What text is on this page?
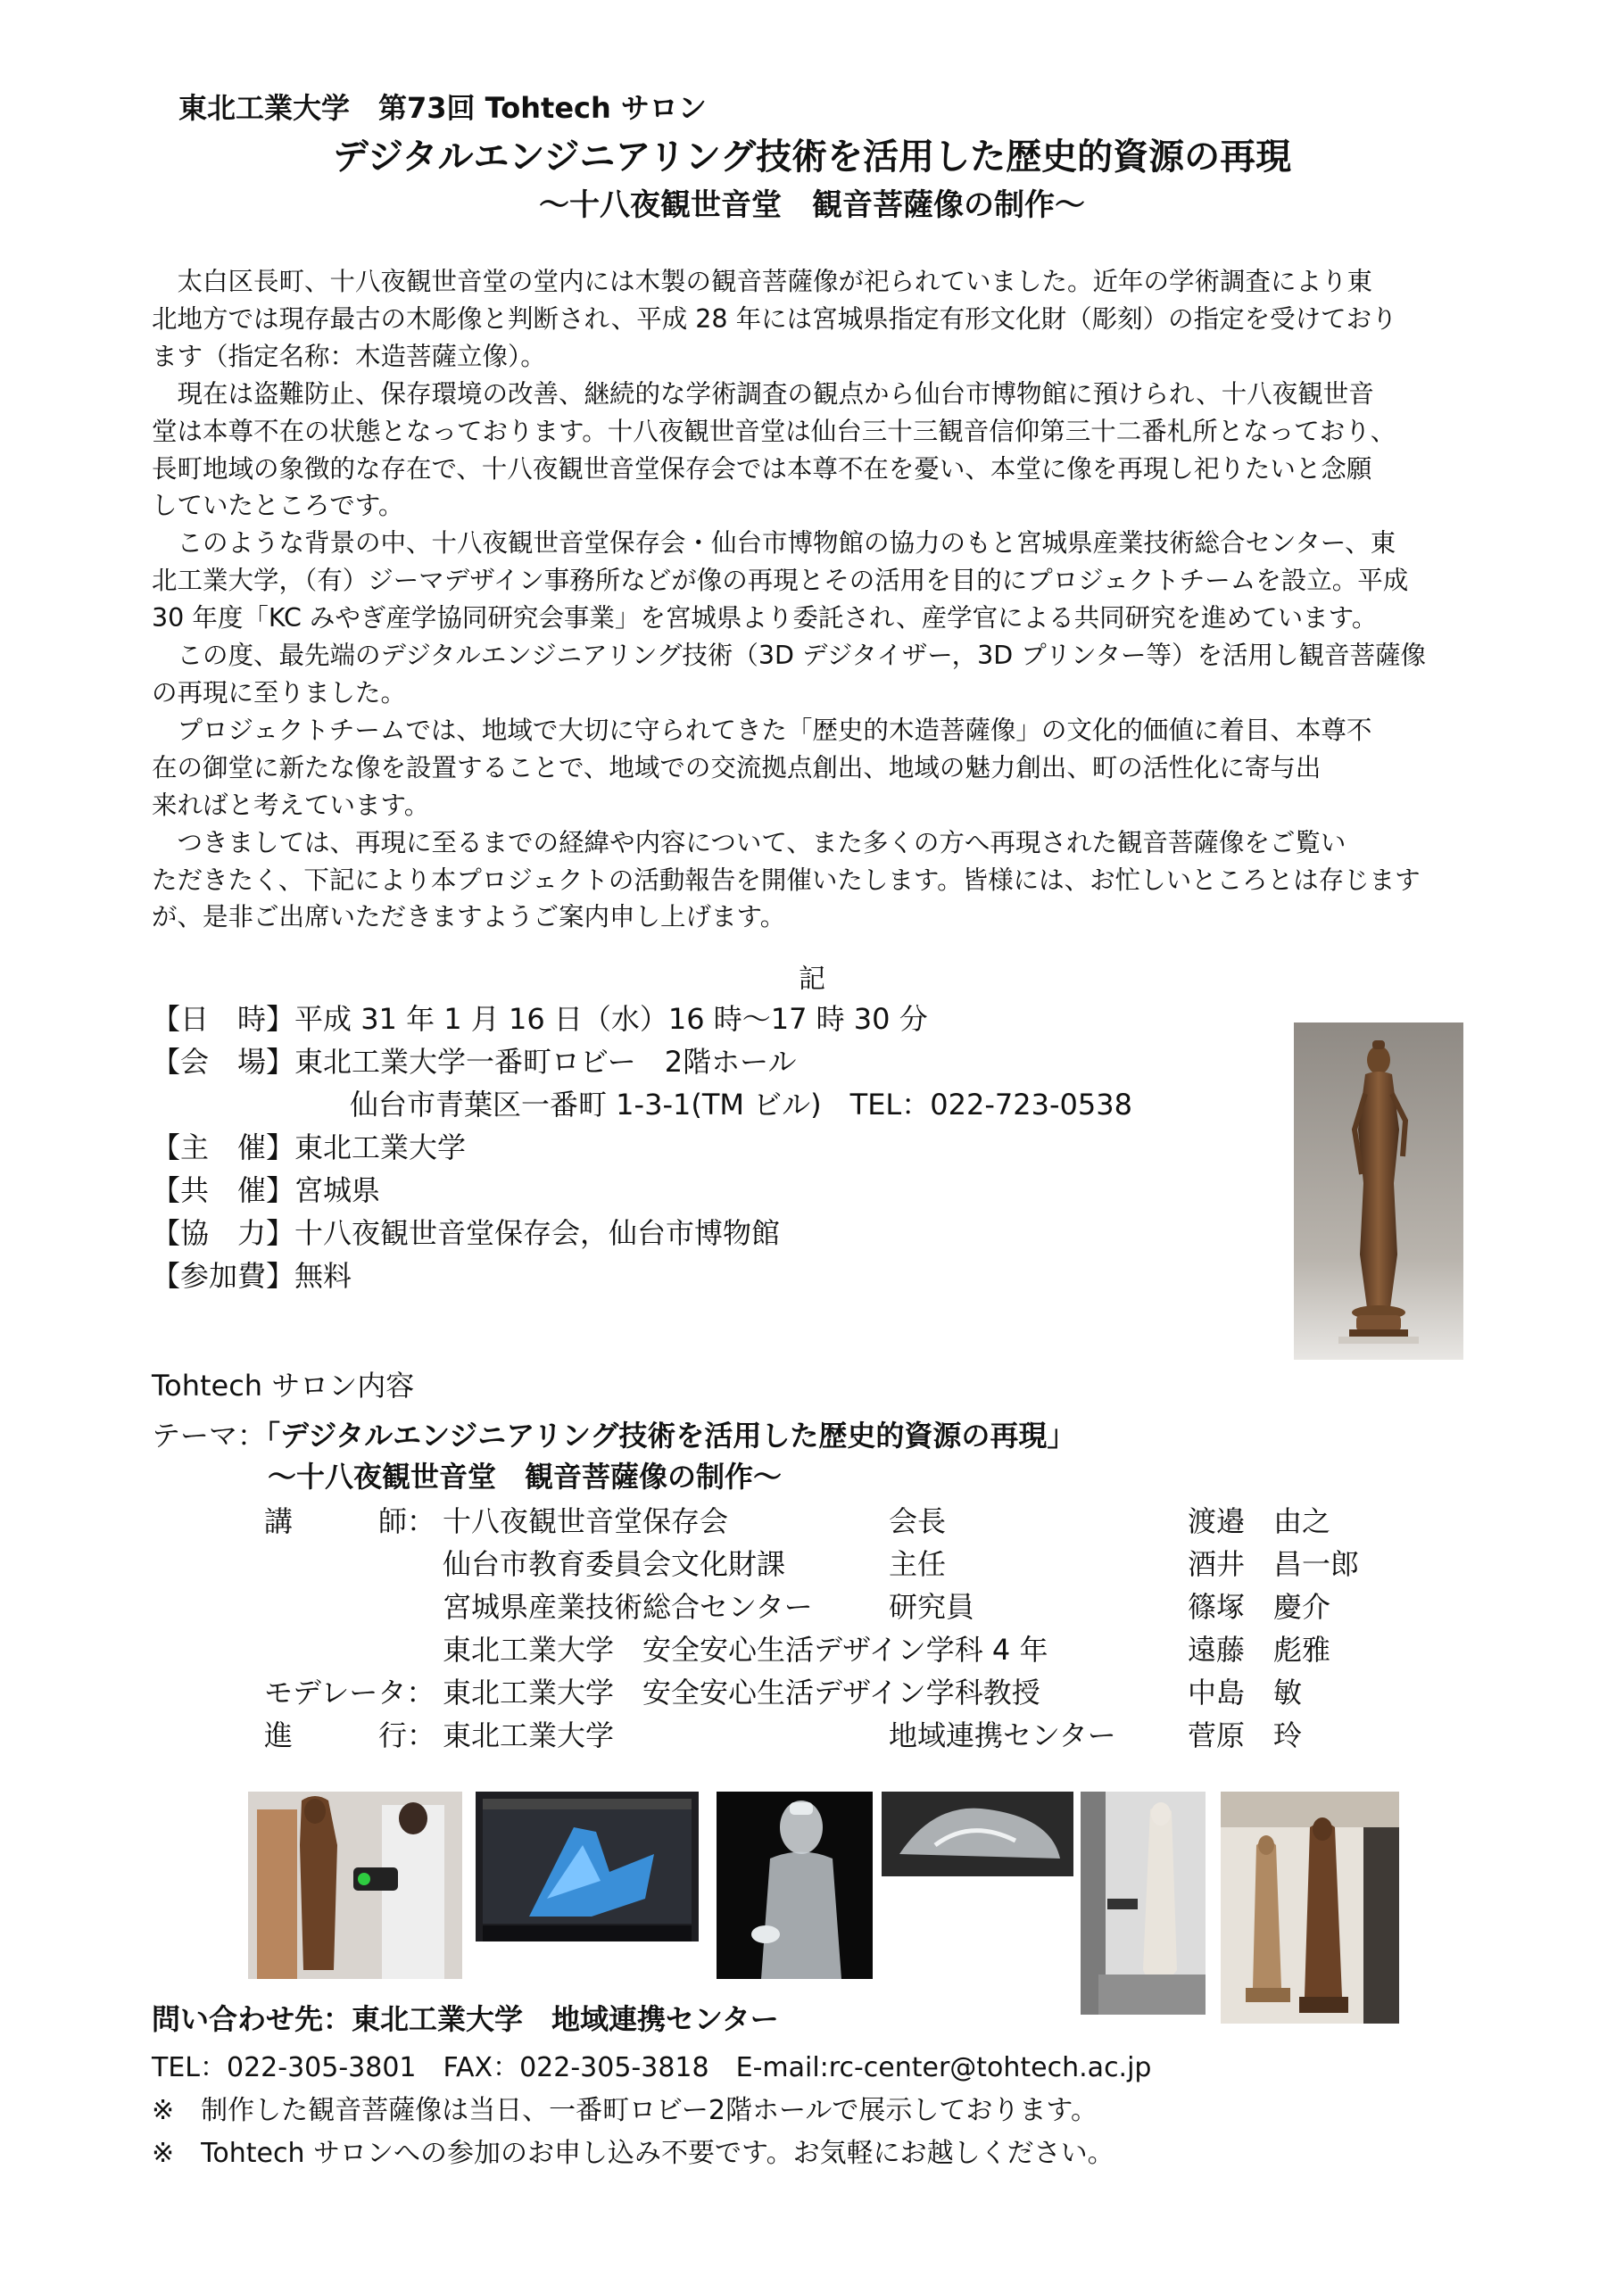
東北工業大学　第73回 Tohtech サロン
デジタルエンジニアリング技術を活用した歴史的資源の再現
～十八夜観世音堂　観音菩薩像の制作～
　太白区長町、十八夜観世音堂の堂内には木製の観音菩薩像が祀られていました。近年の学術調査により東
北地方では現存最古の木彫像と判断され、平成 28 年には宮城県指定有形文化財（彫刻）の指定を受けており
ます（指定名称：木造菩薩立像）。
　現在は盗難防止、保存環境の改善、継続的な学術調査の観点から仙台市博物館に預けられ、十八夜観世音
堂は本尊不在の状態となっております。十八夜観世音堂は仙台三十三観音信仰第三十二番札所となっており、
長町地域の象徴的な存在で、十八夜観世音堂保存会では本尊不在を憂い、本堂に像を再現し祀りたいと念願
していたところです。
　このような背景の中、十八夜観世音堂保存会・仙台市博物館の協力のもと宮城県産業技術総合センター、東
北工業大学，（有）ジーマデザイン事務所などが像の再現とその活用を目的にプロジェクトチームを設立。平成
30 年度「KC みやぎ産学協同研究会事業」を宮城県より委託され、産学官による共同研究を進めています。
　この度、最先端のデジタルエンジニアリング技術（3D デジタイザー，3D プリンター等）を活用し観音菩薩像
の再現に至りました。
　プロジェクトチームでは、地域で大切に守られてきた「歴史的木造菩薩像」の文化的価値に着目、本尊不
在の御堂に新たな像を設置することで、地域での交流拠点創出、地域の魅力創出、町の活性化に寄与出
来ればと考えています。
　つきましては、再現に至るまでの経緯や内容について、また多くの方へ再現された観音菩薩像をご覧い
ただきたく、下記により本プロジェクトの活動報告を開催いたします。皆様には、お忙しいところとは存じます
が、是非ご出席いただきますようご案内申し上げます。
記
【日　時】平成 31 年 1 月 16 日（水）16 時～17 時 30 分
【会　場】東北工業大学一番町ロビー　2階ホール
仙台市青葉区一番町 1-3-1(TM ビル)　TEL：022-723-0538
【主　催】東北工業大学
【共　催】宮城県
【協　力】十八夜観世音堂保存会，仙台市博物館
【参加費】無料
Tohtech サロン内容
テーマ：「デジタルエンジニアリング技術を活用した歴史的資源の再現」
～十八夜観世音堂　観音菩薩像の制作～
講　　　師： 十八夜観世音堂保存会	会長	渡邉　由之
仙台市教育委員会文化財課	主任	酒井　昌一郎
宮城県産業技術総合センター	研究員	篠塚　慶介
東北工業大学　安全安心生活デザイン学科 4 年	遠藤　彪雅
モデレータ： 東北工業大学　安全安心生活デザイン学科教授	中島　敏
進　　　行： 東北工業大学	地域連携センター	菅原　玲
問い合わせ先：東北工業大学　地域連携センター
TEL：022-305-3801　FAX：022-305-3818　E-mail:rc-center@tohtech.ac.jp
※　制作した観音菩薩像は当日、一番町ロビー2階ホールで展示しております。
※　Tohtech サロンへの参加のお申し込み不要です。お気軽にお越しください。
